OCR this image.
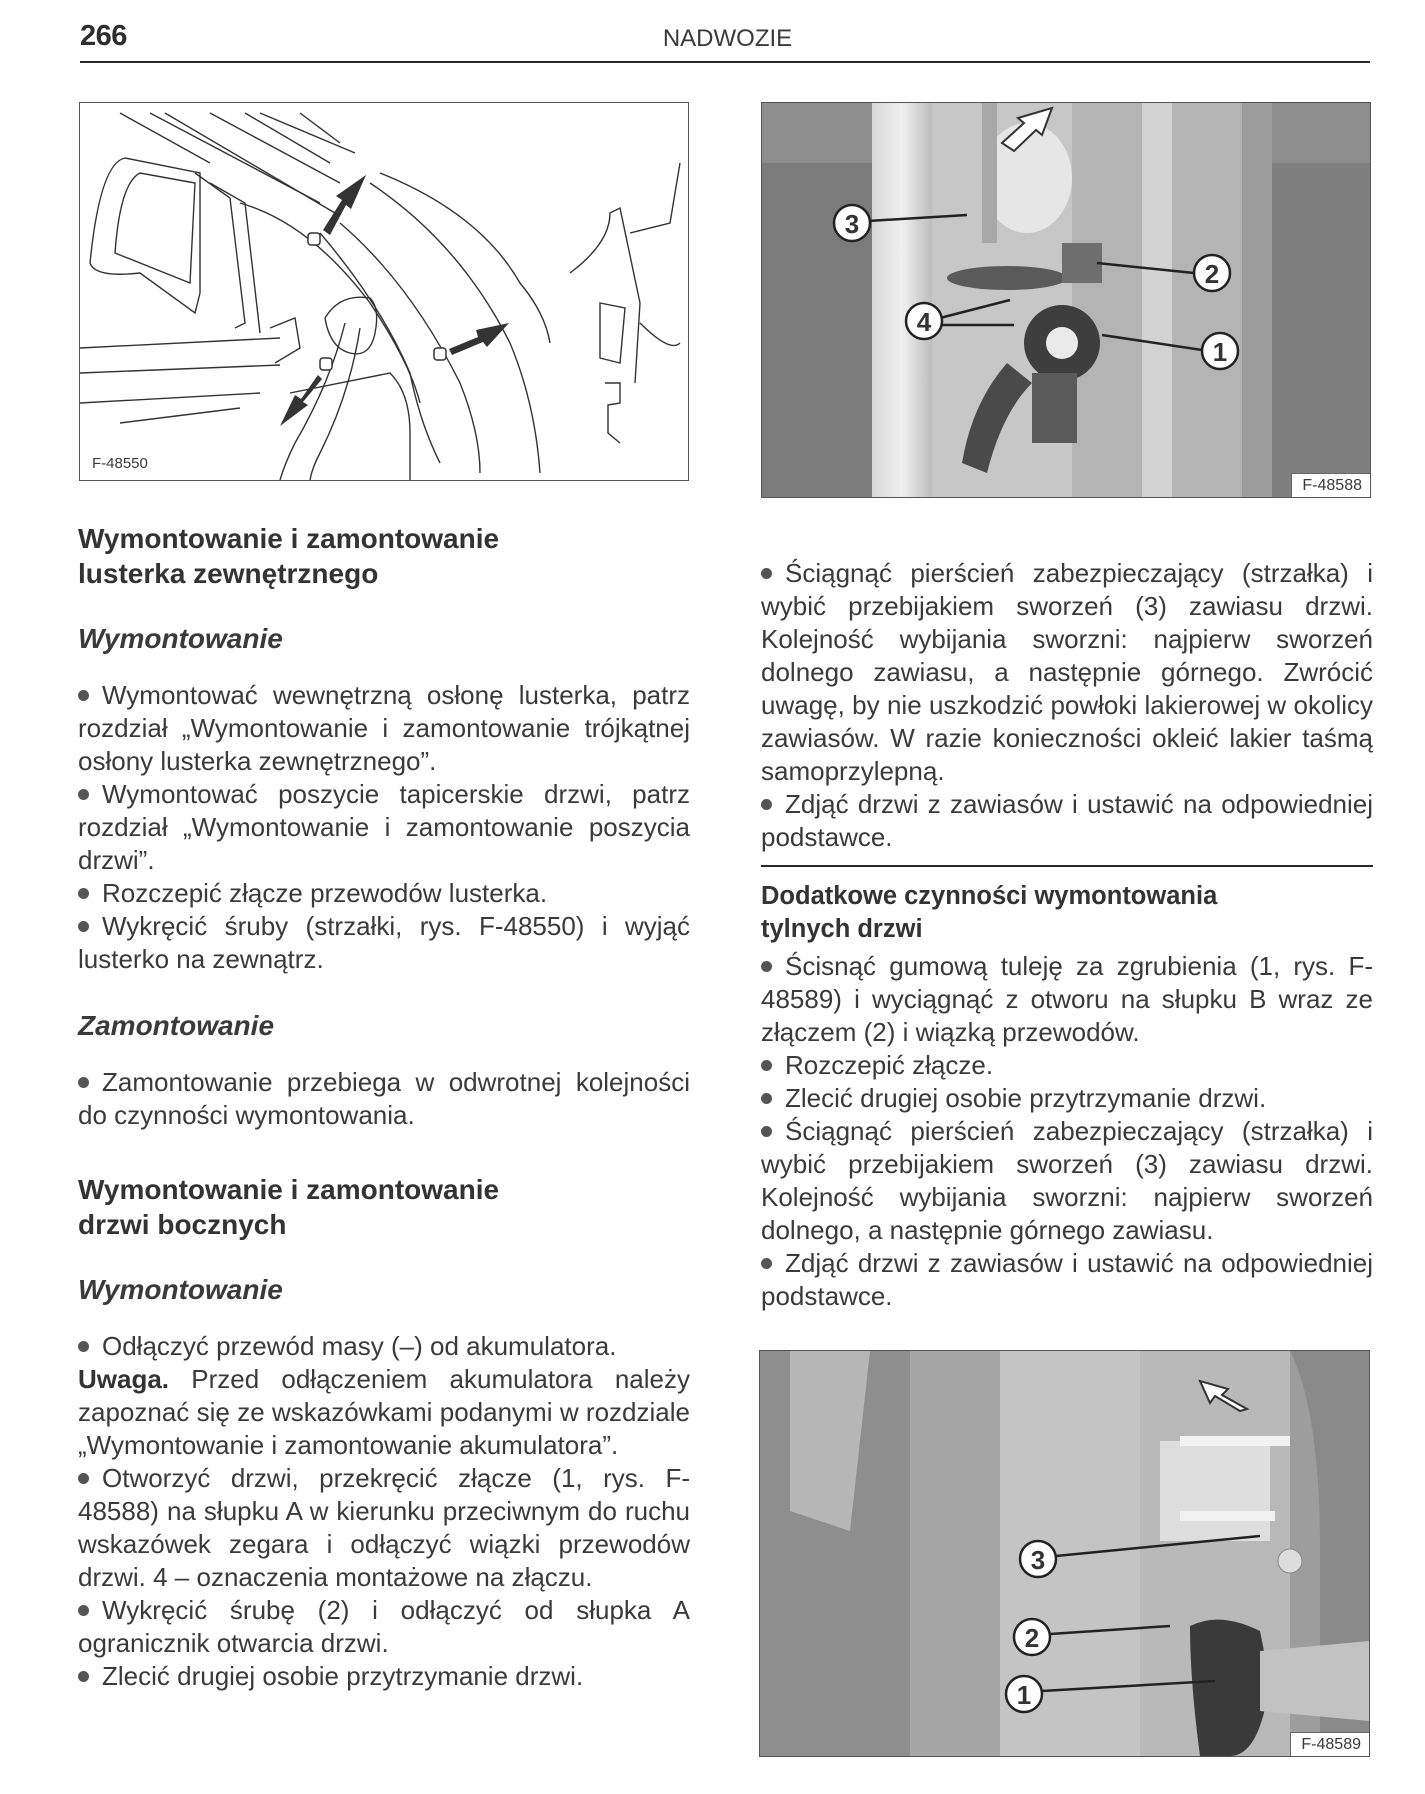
266	NADWOZIE
F-48550
3
2
4
1
F-48588
Wymontowanie i zamontowanie
lusterka zewnętrznego
Wymontowanie

Wymontować wewnętrzną osłonę lusterka, patrz rozdział „Wymontowanie i zamontowanie trójkątnej osłony lusterka zewnętrznego”.

Wymontować poszycie tapicerskie drzwi, patrz rozdział „Wymontowanie i zamontowanie poszycia drzwi”.

Rozczepić złącze przewodów lusterka.

Wykręcić śruby (strzałki, rys. F-48550) i wyjąć lusterko na zewnątrz.

Zamontowanie

Zamontowanie przebiega w odwrotnej kolejności do czynności wymontowania.

Wymontowanie i zamontowanie
drzwi bocznych
Wymontowanie

Odłączyć przewód masy (–) od akumulatora.

Uwaga. Przed odłączeniem akumulatora należy zapoznać się ze wskazówkami podanymi w rozdziale „Wymontowanie i zamontowanie akumulatora”.

Otworzyć drzwi, przekręcić złącze (1, rys. F-48588) na słupku A w kierunku przeciwnym do ruchu wskazówek zegara i odłączyć wiązki przewodów drzwi. 4 – oznaczenia montażowe na złączu.

Wykręcić śrubę (2) i odłączyć od słupka A ogranicznik otwarcia drzwi.

Zlecić drugiej osobie przytrzymanie drzwi.

Ściągnąć pierścień zabezpieczający (strzałka) i wybić przebijakiem sworzeń (3) zawiasu drzwi. Kolejność wybijania sworzni: najpierw sworzeń dolnego zawiasu, a następnie górnego. Zwrócić uwagę, by nie uszkodzić powłoki lakierowej w okolicy zawiasów. W razie konieczności okleić lakier taśmą samoprzylepną.

Zdjąć drzwi z zawiasów i ustawić na odpowiedniej podstawce.

Dodatkowe czynności wymontowania
tylnych drzwi

Ścisnąć gumową tuleję za zgrubienia (1, rys. F-48589) i wyciągnąć z otworu na słupku B wraz ze złączem (2) i wiązką przewodów.

Rozczepić złącze.

Zlecić drugiej osobie przytrzymanie drzwi.

Ściągnąć pierścień zabezpieczający (strzałka) i wybić przebijakiem sworzeń (3) zawiasu drzwi. Kolejność wybijania sworzni: najpierw sworzeń dolnego, a następnie górnego zawiasu.

Zdjąć drzwi z zawiasów i ustawić na odpowiedniej podstawce.

3
2
1
F-48589
